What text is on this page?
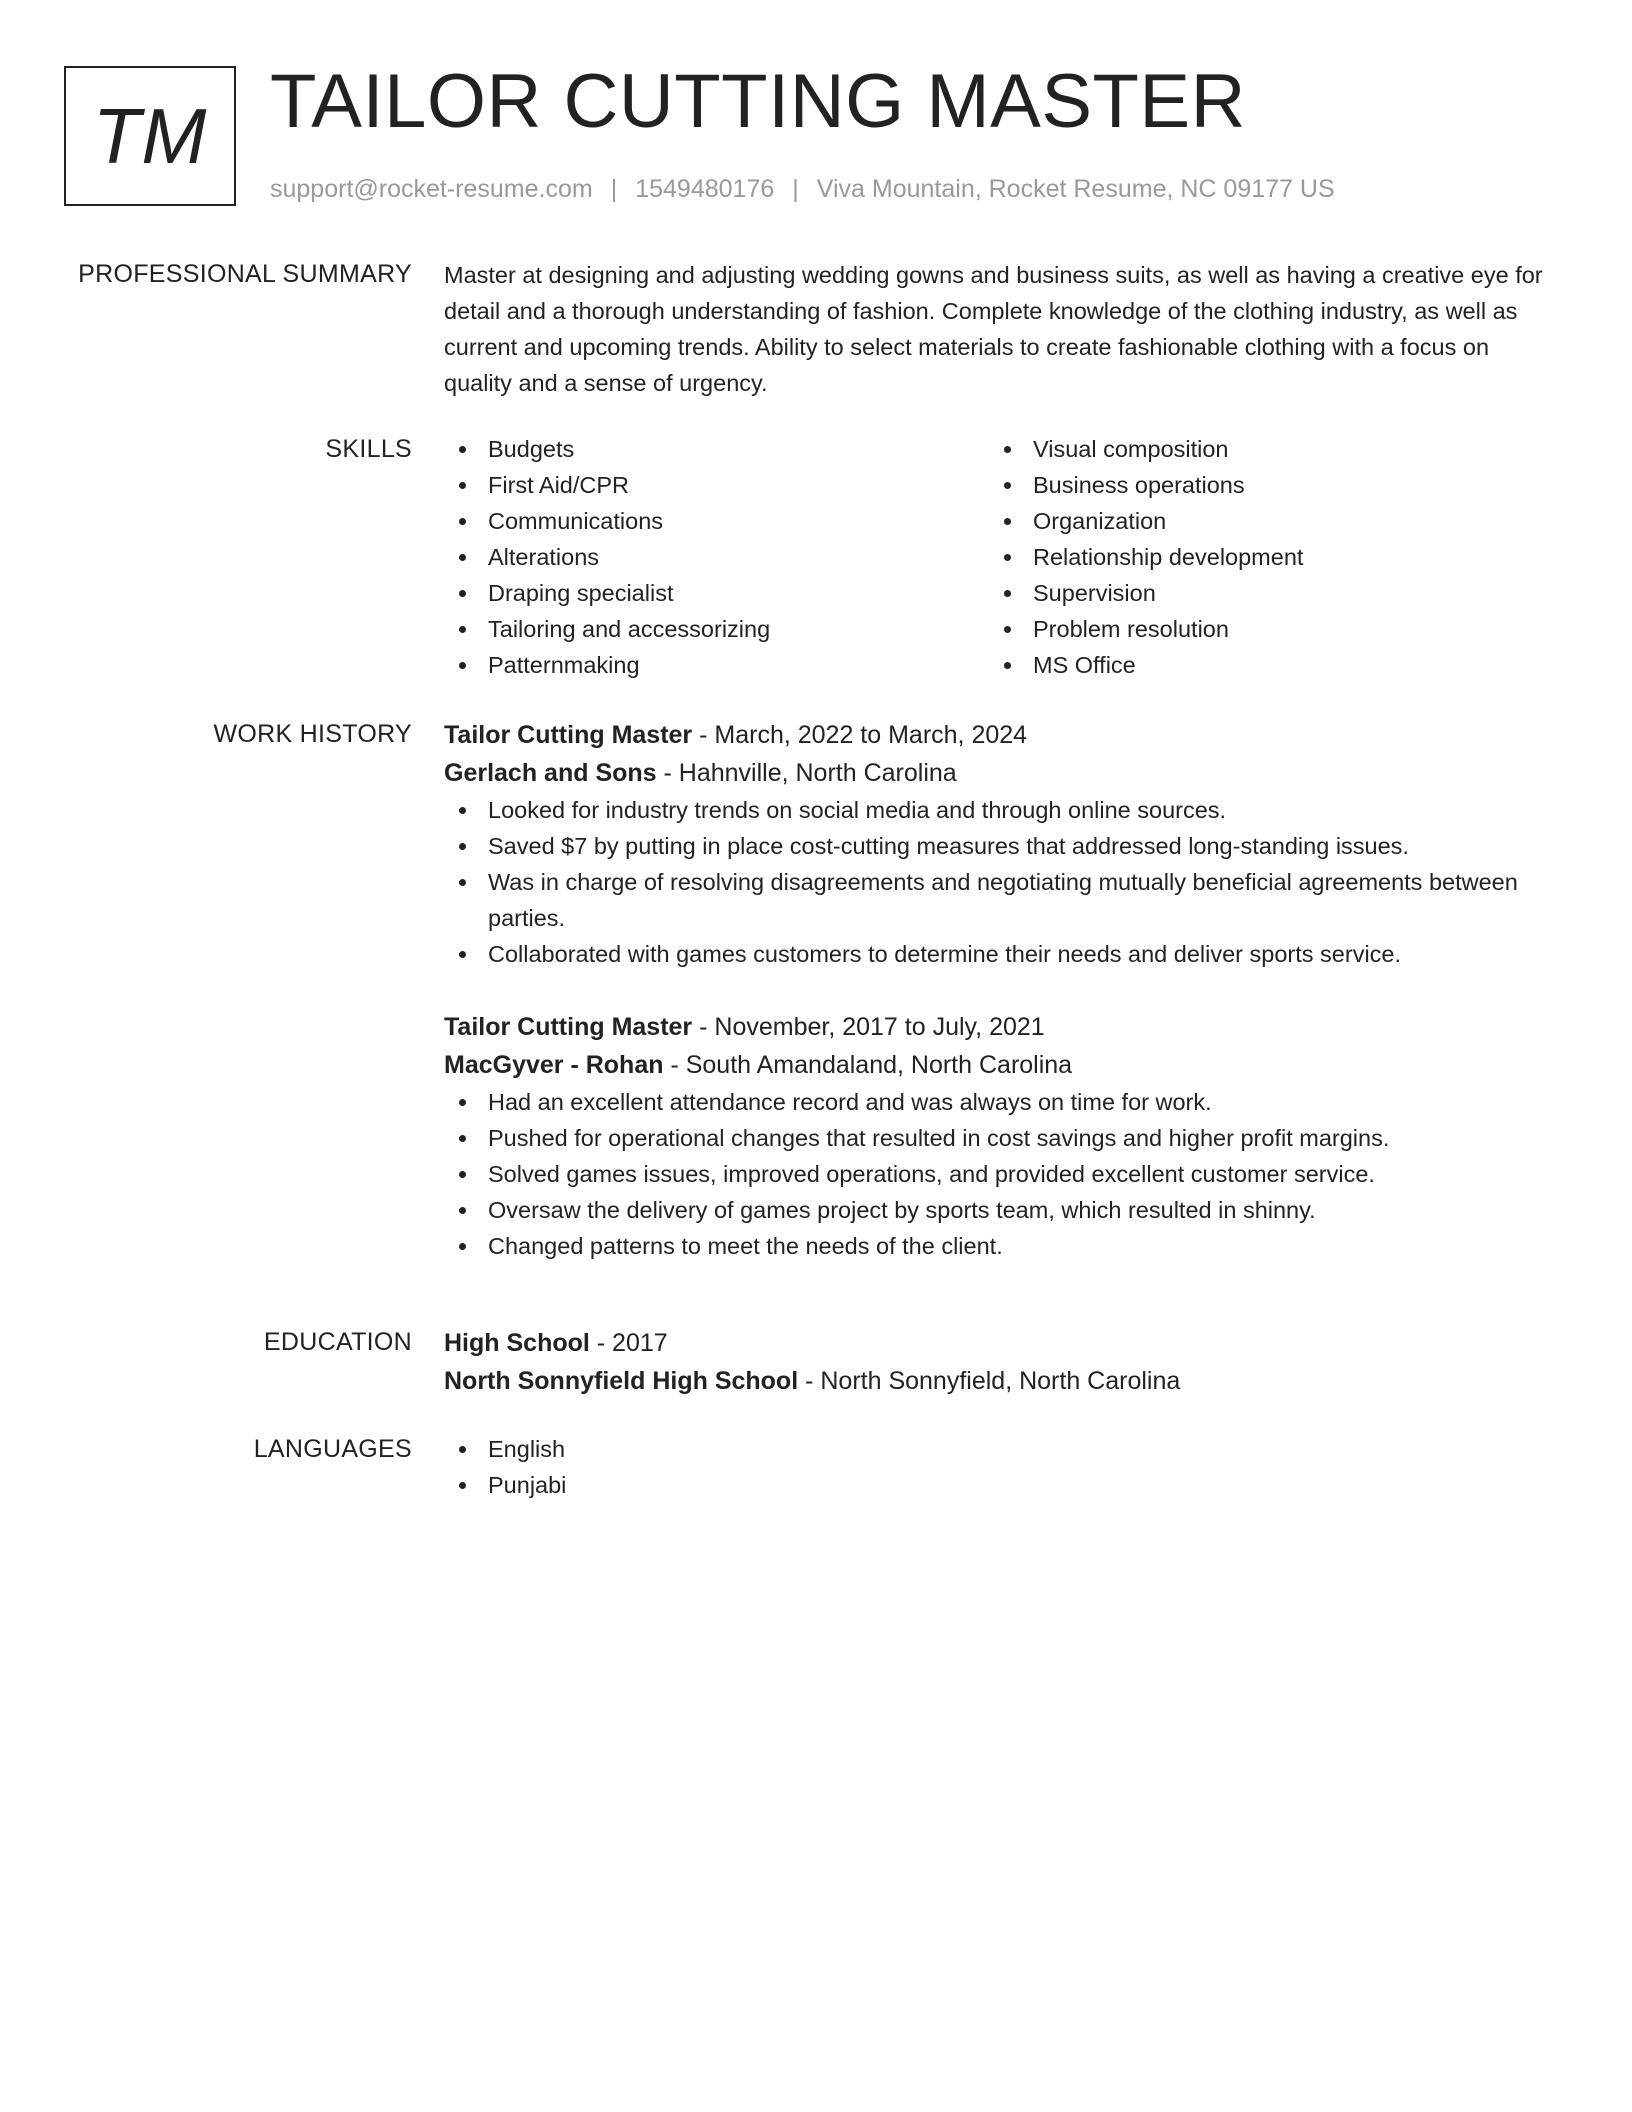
TM TAILOR CUTTING MASTER
support@rocket-resume.com | 1549480176 | Viva Mountain, Rocket Resume, NC 09177 US
PROFESSIONAL SUMMARY Master at designing and adjusting wedding gowns and business suits, as well as having a creative eye for detail and a thorough understanding of fashion. Complete knowledge of the clothing industry, as well as current and upcoming trends. Ability to select materials to create fashionable clothing with a focus on quality and a sense of urgency.

SKILLS	Budgets
First Aid/CPR
Communications
Alterations
Draping specialist
Tailoring and accessorizing
Patternmaking
Visual composition
Business operations
Organization
Relationship development
Supervision
Problem resolution
MS Office
WORK HISTORY Tailor Cutting Master - March, 2022 to March, 2024

Gerlach and Sons - Hahnville, North Carolina

Looked for industry trends on social media and through online sources.
Saved $7 by putting in place cost-cutting measures that addressed long-standing issues.
Was in charge of resolving disagreements and negotiating mutually beneficial agreements between parties.
Collaborated with games customers to determine their needs and deliver sports service.

Tailor Cutting Master - November, 2017 to July, 2021

MacGyver - Rohan - South Amandaland, North Carolina

Had an excellent attendance record and was always on time for work.
Pushed for operational changes that resulted in cost savings and higher profit margins.
Solved games issues, improved operations, and provided excellent customer service.
Oversaw the delivery of games project by sports team, which resulted in shinny.
Changed patterns to meet the needs of the client.
EDUCATION High School - 2017

North Sonnyfield High School - North Sonnyfield, North Carolina

LANGUAGES	English
Punjabi
